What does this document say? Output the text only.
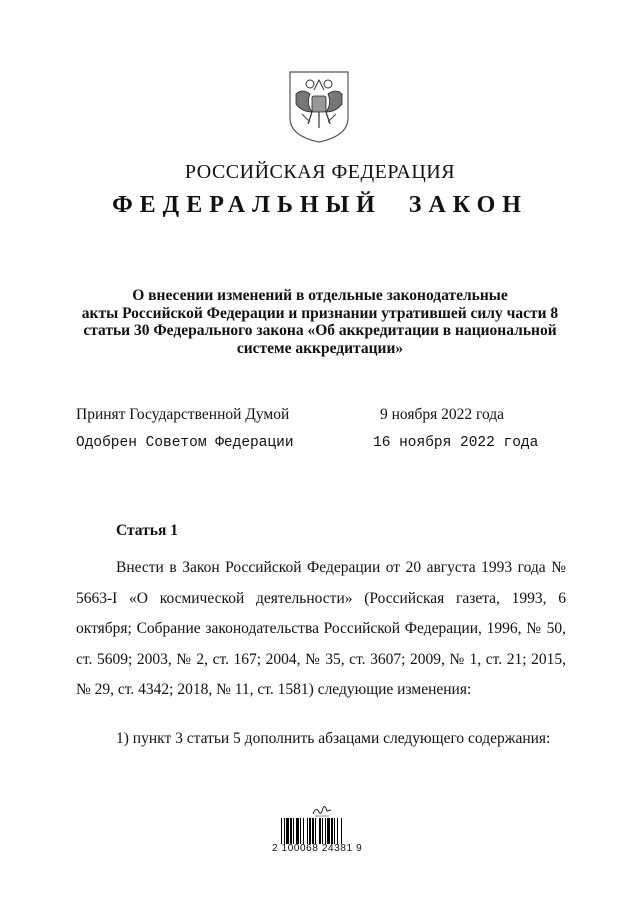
РОССИЙСКАЯ ФЕДЕРАЦИЯ
ФЕДЕРАЛЬНЫЙ ЗАКОН
О внесении изменений в отдельные законодательные
акты Российской Федерации и признании утратившей силу части 8
статьи 30 Федерального закона «Об аккредитации в национальной
системе аккредитации»
Принят Государственной Думой	9 ноября 2022 года
Одобрен Советом Федерации	16 ноября 2022 года
Статья 1
Внести в Закон Российской Федерации от 20 августа 1993 года № 5663-I «О космической деятельности» (Российская газета, 1993, 6 октября; Собрание законодательства Российской Федерации, 1996, № 50, ст. 5609; 2003, № 2, ст. 167; 2004, № 35, ст. 3607; 2009, № 1, ст. 21; 2015, № 29, ст. 4342; 2018, № 11, ст. 1581) следующие изменения:
1) пункт 3 статьи 5 дополнить абзацами следующего содержания:
2 100068 24381 9
